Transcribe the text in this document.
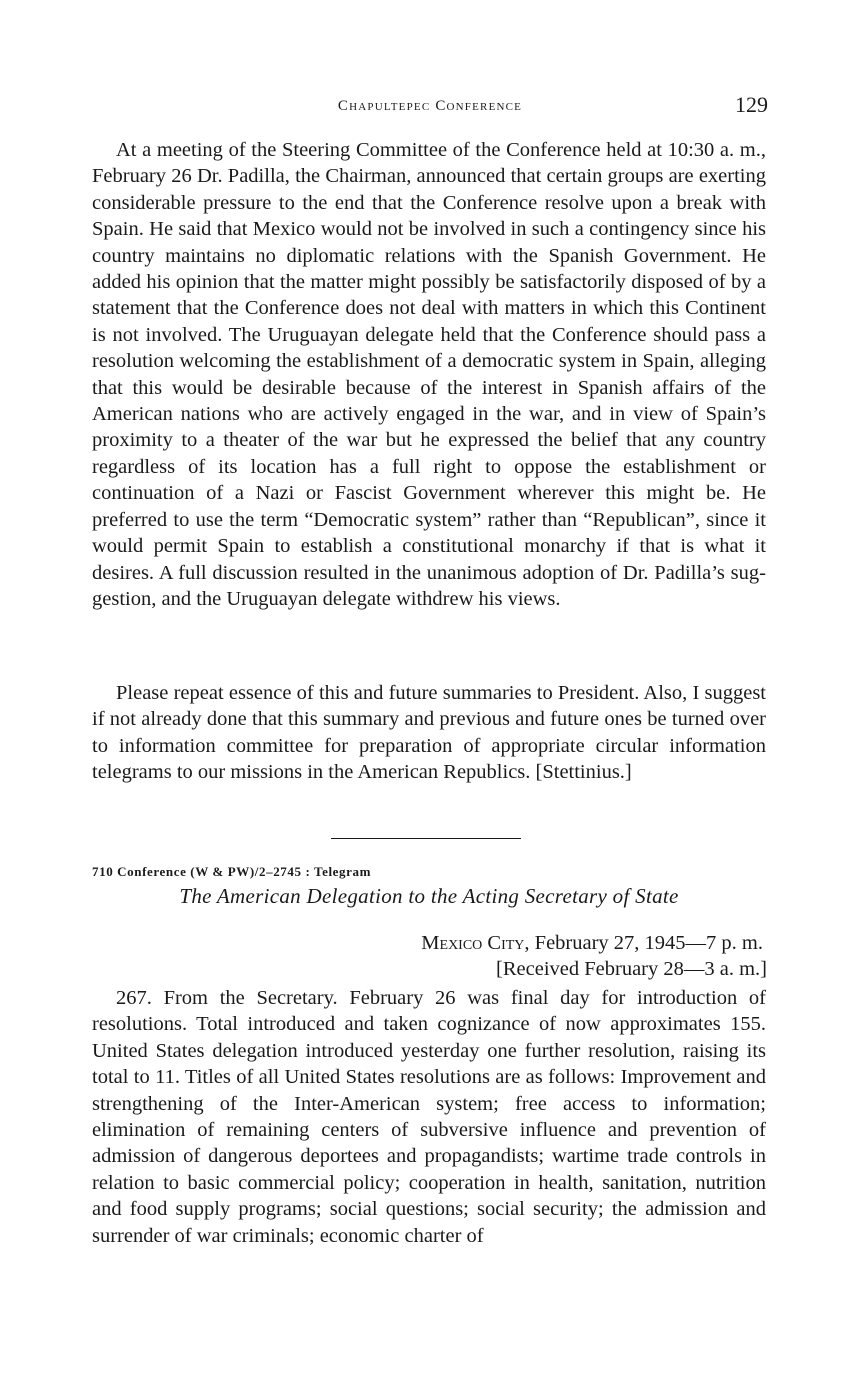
Chapultepec Conference	129

At a meeting of the Steering Committee of the Conference held at 10:30 a. m., February 26 Dr. Padilla, the Chairman, announced that certain groups are exerting considerable pressure to the end that the Conference resolve upon a break with Spain. He said that Mexico would not be involved in such a contingency since his country maintains no diplomatic relations with the Spanish Government. He added his opinion that the matter might possibly be satisfactorily disposed of by a statement that the Conference does not deal with matters in which this Continent is not involved. The Uruguayan delegate held that the Conference should pass a resolution welcoming the establishment of a democratic system in Spain, alleging that this would be desirable because of the interest in Spanish affairs of the American nations who are actively engaged in the war, and in view of Spain’s proximity to a theater of the war but he expressed the belief that any country regardless of its location has a full right to oppose the establishment or continuation of a Nazi or Fascist Government wherever this might be. He preferred to use the term “Democratic system” rather than “Republican”, since it would permit Spain to establish a constitutional monarchy if that is what it desires. A full discussion resulted in the unanimous adoption of Dr. Padilla’s suggestion, and the Uruguayan delegate withdrew his views.

Please repeat essence of this and future summaries to President. Also, I suggest if not already done that this summary and previous and future ones be turned over to information committee for preparation of appropriate circular information telegrams to our missions in the American Republics. [Stettinius.]

710 Conference (W & PW)/2–2745 : Telegram
The American Delegation to the Acting Secretary of State
Mexico City, February 27, 1945—7 p. m.
[Received February 28—3 a. m.]

267. From the Secretary. February 26 was final day for introduction of resolutions. Total introduced and taken cognizance of now approximates 155. United States delegation introduced yesterday one further resolution, raising its total to 11. Titles of all United States resolutions are as follows: Improvement and strengthening of the Inter-American system; free access to information; elimination of remaining centers of subversive influence and prevention of admission of dangerous deportees and propagandists; wartime trade controls in relation to basic commercial policy; cooperation in health, sanitation, nutrition and food supply programs; social questions; social security; the admission and surrender of war criminals; economic charter of
